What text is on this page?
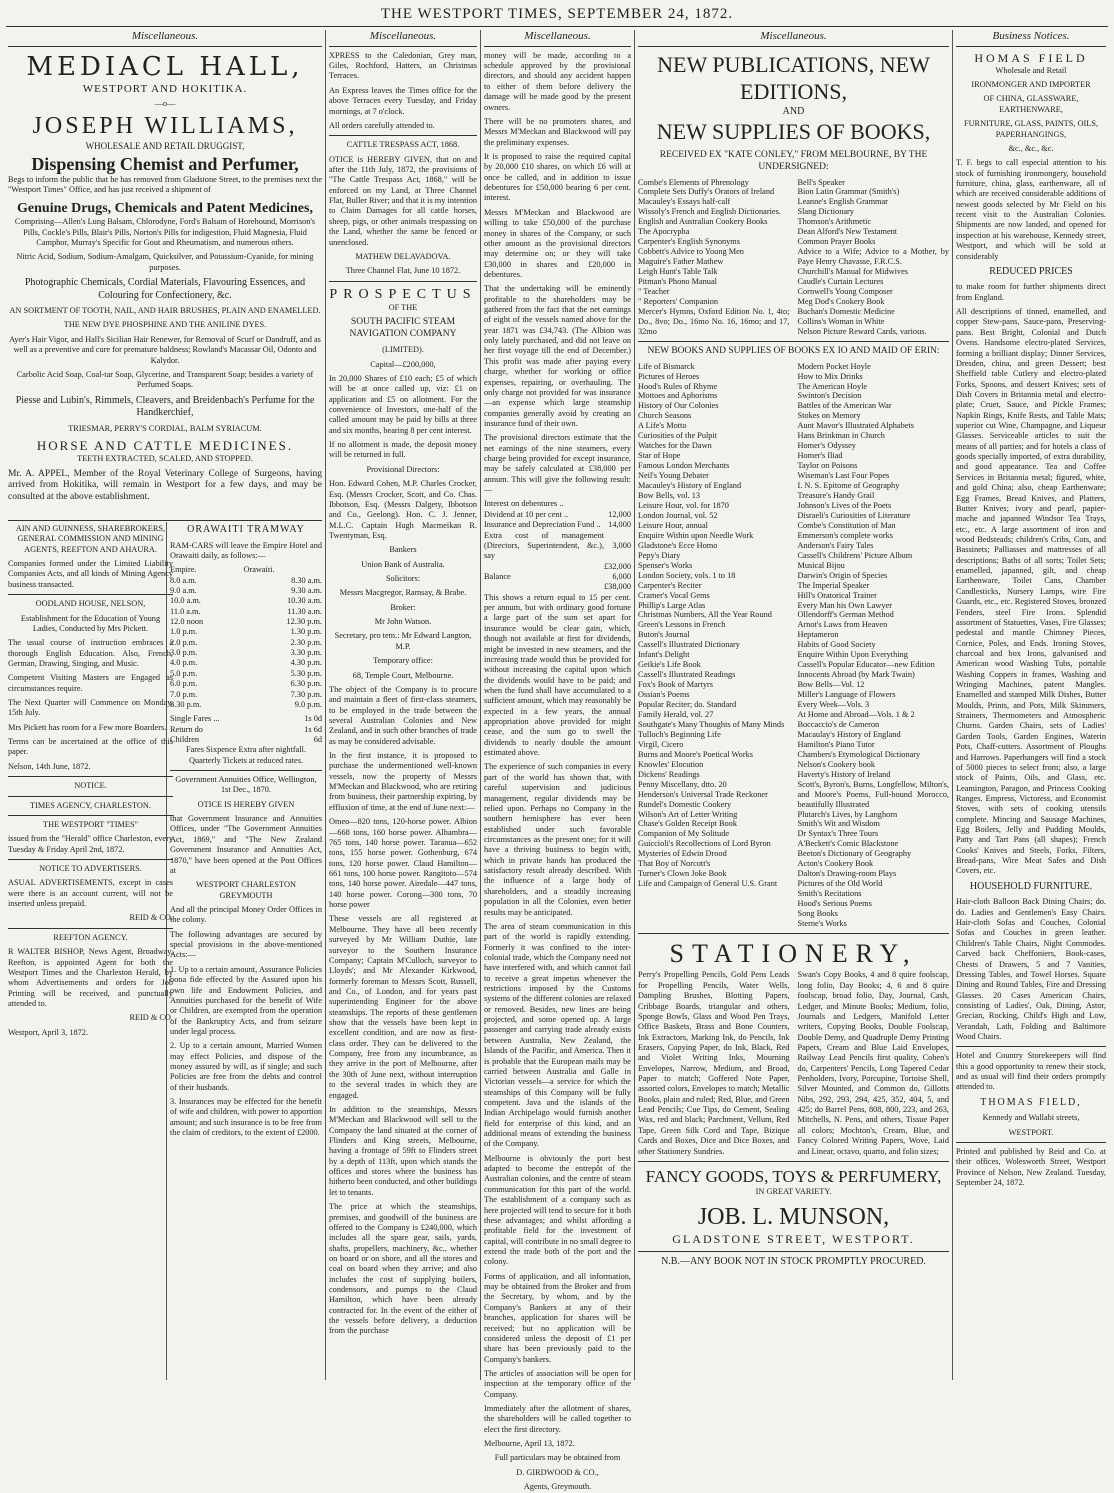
THE WESTPORT TIMES, SEPTEMBER 24, 1872.
Miscellaneous.
MEDIACL HALL,
WESTPORT AND HOKITIKA.
—o—
JOSEPH WILLIAMS,
WHOLESALE AND RETAIL DRUGGIST,
Dispensing Chemist and Perfumer,

Begs to inform the public that he has removed from Gladstone Street, to the premises next the "Westport Times" Office, and has just received a shipment of

Genuine Drugs, Chemicals and Patent Medicines,

Comprising—Allen's Lung Balsam, Chlorodyne, Ford's Balsam of Horehound, Morrison's Pills, Cockle's Pills, Blair's Pills, Norton's Pills for indigestion, Fluid Magnesia, Fluid Camphor, Murray's Specific for Gout and Rheumatism, and numerous others.

Nitric Acid, Sodium, Sodium-Amalgam, Quicksilver, and Potassium-Cyanide, for mining purposes.

Photographic Chemicals, Cordial Materials, Flavouring Essences, and Colouring for Confectionery, &c.

AN SORTMENT OF TOOTH, NAIL, AND HAIR BRUSHES, PLAIN AND ENAMELLED.

THE NEW DYE PHOSPHINE AND THE ANILINE DYES.

Ayer's Hair Vigor, and Hall's Sicilian Hair Renewer, for Removal of Scurf or Dandruff, and as well as a preventive and cure for premature baldness; Rowland's Macassar Oil, Odonto and Kalydor.

Carbolic Acid Soap, Coal-tar Soap, Glycerine, and Transparent Soap; besides a variety of Perfumed Soaps.

Piesse and Lubin's, Rimmels, Cleavers, and Breidenbach's Perfume for the Handkerchief,

TRIESMAR, PERRY'S CORDIAL, BALM SYRIACUM.

HORSE AND CATTLE MEDICINES.

TEETH EXTRACTED, SCALED, AND STOPPED.

Mr. A. APPEL, Member of the Royal Veterinary College of Surgeons, having arrived from Hokitika, will remain in Westport for a few days, and may be consulted at the above establishment.

AIN AND GUINNESS, SHAREBROKERS, GENERAL COMMISSION AND MINING AGENTS, REEFTON AND AHAURA.

Companies formed under the Limited Liability Companies Acts, and all kinds of Mining Agency business transacted.

OODLAND HOUSE, NELSON,

Establishment for the Education of Young Ladies, Conducted by Mrs Pickett.

The usual course of instruction embraces a thorough English Education. Also, French, German, Drawing, Singing, and Music.

Competent Visiting Masters are Engaged as circumstances require.

The Next Quarter will Commence on Monday, 15th July.

Mrs Pickett has room for a Few more Boarders.

Terms can be ascertained at the office of this paper.

Nelson, 14th June, 1872.

NOTICE.

TIMES AGENCY, CHARLESTON.

THE WESTPORT "TIMES"

issued from the "Herald" office Charleston, every Tuesday & Friday April 2nd, 1872.

NOTICE TO ADVERTISERS.

ASUAL ADVERTISEMENTS, except in cases were there is an account current, will not be inserted unless prepaid.

REID & CO.

REEFTON AGENCY.

R WALTER BISHOP, News Agent, Broadway, Reefton, is appointed Agent for both the Westport Times and the Charleston Herald, by whom Advertisements and orders for Job Printing will be received, and punctually attended to.

REID & CO.

Westport, April 3, 1872.

ORAWAITI TRAMWAY

RAM-CARS will leave the Empire Hotel and Orawaiti daily, as follows:—

Empire.	Orawaiti.
8.0 a.m.	8.30 a.m.
9.0 a.m.	9.30 a.m.
10.0 a.m.	10.30 a.m.
11.0 a.m.	11.30 a.m.
12.0 noon	12.30 p.m.
1.0 p.m.	1.30 p.m.
2.0 p.m.	2.30 p.m.
3.0 p.m.	3.30 p.m.
4.0 p.m.	4.30 p.m.
5.0 p.m.	5.30 p.m.
6.0 p.m.	6.30 p.m.
7.0 p.m.	7.30 p.m.
8.30 p.m.	9.0 p.m.
Single Fares ...	1s 0d
Return do	1s 6d
Children	6d

Fares Sixpence Extra after nightfall. Quarterly Tickets at reduced rates.

Government Annuities Office, Wellington, 1st Dec., 1870.

OTICE IS HEREBY GIVEN

that Government Insurance and Annuities Offices, under "The Government Annuities Act, 1869," and "The New Zealand Government Insurance and Annuities Act, 1870," have been opened at the Post Offices at

WESTPORT CHARLESTON GREYMOUTH

And all the principal Money Order Offices in the colony.

The following advantages are secured by special provisions in the above-mentioned Acts:—

1. Up to a certain amount, Assurance Policies bona fide effected by the Assured upon his own life and Endowment Policies, and Annuities purchased for the benefit of Wife or Children, are exempted from the operation of the Bankruptcy Acts, and from seizure under legal process.

2. Up to a certain amount, Married Women may effect Policies, and dispose of the money assured by will, as if single; and such Policies are free from the debts and control of their husbands.

3. Insurances may be effected for the benefit of wife and children, with power to apportion amount; and such insurance is to be free from the claim of creditors, to the extent of £2000.

Miscellaneous.

XPRESS to the Caledonian, Grey man, Giles, Rochford, Hatters, an Christmas Terraces.

An Express leaves the Times office for the above Terraces every Tuesday, and Friday mornings, at 7 o'clock.

All orders carefully attended to.

CATTLE TRESPASS ACT, 1868.

OTICE is HEREBY GIVEN, that on and after the 11th July, 1872, the provisions of "The Cattle Trespass Act, 1868," will be enforced on my Land, at Three Channel Flat, Buller River; and that it is my intention to Claim Damages for all cattle horses, sheep, pigs, or other animals trespassing on the Land, whether the same be fenced or unenclosed.

MATHEW DELAVADOVA.

Three Channel Flat, June 10 1872.

PROSPECTUS

OF THE

SOUTH PACIFIC STEAM NAVIGATION COMPANY

(LIMITED).

Capital—£200,000,

In 20,000 Shares of £10 each; £5 of which will be at once called up, viz: £1 on application and £5 on allotment. For the convenience of Investors, one-half of the called amount may be paid by bills at three and six months, bearing 8 per cent interest.

If no allotment is made, the deposit money will be returned in full.

Provisional Directors:

Hon. Edward Cohen, M.P. Charles Crocker, Esq. (Messrs Crocker, Scott, and Co. Chas. Ibbotson, Esq. (Messrs Dalgety, Ibbotson and Co., Geelong). Hon. C. J. Jenner, M.L.C. Captain Hugh Macmeikan R. Twentyman, Esq.

Bankers

Union Bank of Australia.

Solicitors:

Messrs Macgregor, Ramsay, & Brabe.

Broker:

Mr John Watson.

Secretary, pro tem.: Mr Edward Langton, M.P.

Temporary office:

68, Temple Court, Melbourne.

The object of the Company is to procure and maintain a fleet of first-class steamers, to be employed in the trade between the several Australian Colonies and New Zealand, and in such other branches of trade as may be considered advisable.

In the first instance, it is proposed to purchase the undermentioned well-known vessels, now the property of Messrs M'Meckan and Blackwood, who are retiring from business, their partnership expiring, by effluxion of time, at the end of June next:—

Omeo—820 tons, 120-horse power. Albion—668 tons, 160 horse power. Alhambra—765 tons, 140 horse power. Taranua—652 tons, 155 horse power. Gothenburg, 674 tons, 120 horse power. Claud Hamilton—661 tons, 100 horse power. Rangitoto—574 tons, 140 horse power. Airedale—447 tons, 140 horse power. Corong—300 tons, 70 horse power

These vessels are all registered at Melbourne. They have all been recently surveyed by Mr William Duthie, late surveyor to the Southern Insurance Company; Captain M'Culloch, surveyor to Lloyds'; and Mr Alexander Kirkwood, formerly foreman to Messrs Scott, Russell, and Co., of London, and for years past superintending Engineer for the above steamships. The reports of these gentlemen show that the vessels have been kept in excellent condition, and are now as first-class order. They can be delivered to the Company, free from any incumbrance, as they arrive in the port of Melbourne, after the 30th of June next, without interruption to the several trades in which they are engaged.

In addition to the steamships, Messrs M'Meckan and Blackwood will sell to the Company the land situated at the corner of Flinders and King streets, Melbourne, having a frontage of 59ft to Flinders street by a depth of 113ft, upon which stands the offices and stores where the business has hitherto been conducted, and other buildings let to tenants.

The price at which the steamships, premises, and goodwill of the business are offered to the Company is £240,000, which includes all the spare gear, sails, yards, shafts, propellers, machinery, &c., whether on board or on shore, and all the stores and coal on board when they arrive; and also includes the cost of supplying boilers, condensors, and pumps to the Claud Hamilton, which have been already contracted for. In the event of the either of the vessels before delivery, a deduction from the purchase

Miscellaneous.

money will be made, according to a schedule approved by the provisional directors, and should any accident happen to either of them before delivery the damage will be made good by the present owners.

There will be no promoters shares, and Messrs M'Meckan and Blackwood will pay the preliminary expenses.

It is proposed to raise the required capital by 20,000 £10 shares, on which £6 will at once be called, and in addition to issue debentures for £50,000 bearing 6 per cent. interest.

Messrs M'Meckan and Blackwood are willing to take £50,000 of the purchase money in shares of the Company, or such other amount as the provisional directors may determine on; or they will take £30,000 in shares and £20,000 in debentures.

That the undertaking will be eminently profitable to the shareholders may be gathered from the fact that the net earnings of eight of the vessels named above for the year 1871 was £34,743. (The Albion was only lately purchased, and did not leave on her first voyage till the end of December.) This profit was made after paying every charge, whether for working or office expenses, repairing, or overhauling. The only charge not provided for was insurance—an expense which large steamship companies generally avoid by creating an insurance fund of their own.

The provisional directors estimate that the net earnings of the nine steamers, every charge being provided for except insurance, may be safely calculated at £38,000 per annum. This will give the following result:—

Interest on debentures ..	
Dividend at 10 per cent ..	12,000
Insurance and Depreciation Fund ..	14,000
Extra cost of management (Directors, Superintendent, &c.), say	3,000
	£32,000
Balance	6,000
	£38,000

This shows a return equal to 15 per cent. per annum, but with ordinary good fortune a large part of the sum set apart for insurance would be clear gain, which, though not available at first for dividends, might be invested in new steamers, and the increasing trade would thus be provided for without increasing the capital upon which the dividends would have to be paid; and when the fund shall have accumulated to a sufficient amount, which may reasonably be expected in a few years, the annual appropriation above provided for might cease, and the sum go to swell the dividends to nearly double the amount estimated above.

The experience of such companies in every part of the world has shown that, with careful supervision and judicious management, regular dividends may be relied upon. Perhaps no Company in the southern hemisphere has ever been established under such favorable circumstances as the present one; for it will have a thriving business to begin with, which in private hands has produced the satisfactory result already described. With the influence of a large body of shareholders, and a steadily increasing population in all the Colonies, even better results may be anticipated.

The area of steam communication in this part of the world is rapidly extending. Formerly it was confined to the inter-colonial trade, which the Company need not have interfered with, and which cannot fail to receive a great impetus whenever the restrictions imposed by the Customs systems of the different colonies are relaxed or removed. Besides, new lines are being projected, and some opened up. A large passenger and carrying trade already exists between Australia, New Zealand, the Islands of the Pacific, and America. Then it is probable that the European mails may be carried between Australia and Galle in Victorian vessels—a service for which the steamships of this Company will be fully competent. Java and the islands of the Indian Archipelago would furnish another field for enterprise of this kind, and an additional means of extending the business of the Company.

Melbourne is obviously the port best adapted to become the entrepôt of the Australian colonies, and the centre of steam communication for this part of the world. The establishment of a company such as here projected will tend to secure for it both these advantages; and whilst affording a profitable field for the investment of capital, will contribute in no small degree to extend the trade both of the port and the colony.

Forms of application, and all information, may be obtained from the Broker and from the Secretary, by whom, and by the Company's Bankers at any of their branches, application for shares will be received; but no application will be considered unless the deposit of £1 per share has been previously paid to the Company's bankers.

The articles of association will be open for inspection at the temporary office of the Company.

Immediately after the allotment of shares, the shareholders will be called together to elect the first directory.

Melbourne, April 13, 1872.

Full particulars may be obtained from

D. GIRDWOOD & CO.,

Agents, Greymouth.

Miscellaneous.
NEW PUBLICATIONS, NEW EDITIONS,
AND
NEW SUPPLIES OF BOOKS,

RECEIVED EX "KATE CONLEY," FROM MELBOURNE, BY THE UNDERSIGNED:

Combe's Elements of Phrenology
Complete Sets Duffy's Orators of Ireland
Macauley's Essays half-calf
Wissoly's French and English Dictionaries.
English and Australian Cookery Books
The Apocrypha
Carpenter's English Synonyms
Cobbett's Advice to Young Men
Maguire's Father Mathew
Leigh Hunt's Table Talk
Pitman's Phono Manual
" Teacher
" Reporters' Companion
Mercer's Hymns, Oxford Edition No. 1, 4to; Do., 8vo; Do., 16mo No. 16, 16mo; and 17, 32mo
Bell's Speaker
Bion Latin Grammar (Smith's)
Leanne's English Grammar
Slang Dictionary
Thomson's Arithmetic
Dean Alford's New Testament
Common Prayer Books
Advice to a Wife; Advice to a Mother, by Paye Henry Chavasse, F.R.C.S.
Churchill's Manual for Midwives
Caudle's Curtain Lectures
Cornwell's Young Composer
Meg Dod's Cookery Book
Buchan's Domestic Medicine
Collins's Woman in White
Nelson Picture Reward Cards, various.

NEW BOOKS AND SUPPLIES OF BOOKS EX IO AND MAID OF ERIN:

Life of Bismarck
Pictures of Heroes
Hood's Rules of Rhyme
Mottoes and Aphorisms
History of Our Colonies
Church Seasons
A Life's Motto
Curiosities of the Pulpit
Watches for the Dawn
Star of Hope
Famous London Merchants
Neil's Young Debater
Macauley's History of England
Bow Bells, vol. 13
Leisure Hour, vol. for 1870
London Journal, vol. 52
Leisure Hour, annual
Enquire Within upon Needle Work
Gladstone's Ecce Homo
Pepy's Diary
Spenser's Works
London Society, vols. 1 to 18
Carpenter's Reciter
Cramer's Vocal Gems
Phillip's Large Atlas
Christmas Numbers, All the Year Round
Green's Lessons in French
Buton's Journal
Cassell's Illustrated Dictionary
Infant's Delight
Geikie's Life Book
Cassell's Illustrated Readings
Fox's Book of Martyrs
Ossian's Poems
Popular Reciter; do. Standard
Family Herald, vol. 27
Southgate's Many Thoughts of Many Minds
Tulloch's Beginning Life
Virgil, Cicero
Burns and Moore's Poetical Works
Knowles' Elocution
Dickens' Readings
Penny Miscellany, dtto. 20
Henderson's Universal Trade Reckoner
Rundel's Domestic Cookery
Wilson's Art of Letter Writing
Chase's Golden Receipt Book
Companion of My Solitude
Guiccioli's Recollections of Lord Byron
Mysteries of Edwin Drood
That Boy of Norcott's
Turner's Clown Joke Book
Life and Campaign of General U.S. Grant
Modern Pocket Hoyle
How to Mix Drinks
The American Hoyle
Swinton's Decision
Battles of the American War
Stokes on Memory
Aunt Mavor's Illustrated Alphabets
Hans Brinkman in Church
Homer's Odyssey
Homer's Iliad
Taylor on Poisons
Wiseman's Last Four Popes
I. N. S. Epitome of Geography
Treasure's Handy Grail
Johnson's Lives of the Poets
Disraeli's Curiosities of Literature
Combe's Constitution of Man
Emmerson's complete works
Anderson's Fairy Tales
Cassell's Childrens' Picture Album
Musical Bijou
Darwin's Origin of Species
The Imperial Speaker
Hill's Oratorical Trainer
Every Man his Own Lawyer
Ollendorff's German Method
Arnot's Laws from Heaven
Heptameron
Habits of Good Society
Enquire Within Upon Everything
Cassell's Popular Educator—new Edition
Innocents Abroad (by Mark Twain)
Bow Bells—Vol. 12
Miller's Language of Flowers
Every Week—Vols. 3
At Home and Abroad—Vols. 1 & 2
Boccaccio's de Cameron
Macaulay's History of England
Hamilton's Piano Tutor
Chambers's Etymological Dictionary
Nelson's Cookery book
Haverty's History of Ireland
Scott's, Byron's, Burns, Longfellow, Milton's, and Moore's Poems, Full-bound Morocco, beautifully Illustrated
Plutarch's Lives, by Langhorn
Smith's Wit and Wisdom
Dr Syntax's Three Tours
A'Beckett's Comic Blackstone
Beeton's Dictionary of Geography
Acton's Cookery Book
Dalton's Drawing-room Plays
Pictures of the Old World
Smith's Recitations
Hood's Serious Poems
Song Books
Sterne's Works
STATIONERY,
Perry's Propelling Pencils, Gold Pens Leads for Propelling Pencils, Water Wells, Dampling Brushes, Blotting Papers, Cribbage Boards, triangular and others, Sponge Bowls, Glass and Wood Pen Trays, Office Baskets, Brass and Bone Counters, Ink Extractors, Marking Ink, do Pencils, Ink Erasers, Copying Paper, do Ink, Black, Red and Violet Writing Inks, Mourning Envelopes, Narrow, Medium, and Broad, Paper to match; Goffered Note Paper, assorted colors, Envelopes to match; Metallic Books, plain and ruled; Red, Blue, and Green Lead Pencils; Cue Tips, do Cement, Sealing Wax, red and black; Parchment, Vellum, Red Tape, Green Silk Cord and Tape, Bizique Cards and Boxes, Dice and Dice Boxes, and other Stationery Sundries.
Swan's Copy Books, 4 and 8 quire foolscap, long folio, Day Books; 4, 6 and 8 quire foolscap, broad folio, Day, Journal, Cash, Ledger, and Minute Books; Medium, folio, Journals and Ledgers, Manifold Letter writers, Copying Books, Double Foolscap, Double Demy, and Quadruple Demy Printing Papers, Cream and Blue Laid Envelopes, Railway Lead Pencils first quality, Cohen's do, Carpenters' Pencils, Long Tapered Cedar Penholders, Ivory, Porcupine, Tortoise Shell, Silver Mounted, and Common do, Gillotts Nibs, 292, 293, 294, 425, 352, 404, 5, and 425; do Barrel Pens, 808, 800, 223, and 263, Mitchells, N. Pens, and others, Tissue Paper all colors; Mochton's, Cream, Blue, and Fancy Colored Writing Papers, Wove, Laid and Linear, octavo, quarto, and folio sizes;
FANCY GOODS, TOYS & PERFUMERY,

IN GREAT VARIETY.

JOB. L. MUNSON,
GLADSTONE STREET, WESTPORT.

N.B.—ANY BOOK NOT IN STOCK PROMPTLY PROCURED.

Business Notices.
HOMAS FIELD

Wholesale and Retail

IRONMONGER AND IMPORTER

OF CHINA, GLASSWARE, EARTHENWARE,

FURNITURE, GLASS, PAINTS, OILS, PAPERHANGINGS,

&c., &c., &c.

T. F. begs to call especial attention to his stock of furnishing ironmongery, household furniture, china, glass, earthenware, all of which are received considerable additions of newest goods selected by Mr Field on his recent visit to the Australian Colonies. Shipments are now landed, and opened for inspection at his warehouse, Kennedy street, Westport, and which will be sold at considerably

REDUCED PRICES

to make room for further shipments direct from England.

All descriptions of tinned, enamelled, and copper Stew-pans, Sauce-pans, Preserving-pans. Best Bright, Colonial and Dutch Ovens. Handsome electro-plated Services, forming a brilliant display; Dinner Services, Dresden, china, and green Dessert; best Sheffield table Cutlery and electro-plated Forks, Spoons, and dessert Knives; sets of Dish Covers in Britannia metal and electro-plate; Cruet, Sauce, and Pickle Frames; Napkin Rings, Knife Rests, and Table Mats; superior cut Wine, Champagne, and Liqueur Glasses. Serviceable articles to suit the means of all parties; and for hotels a class of goods specially imported, of extra durability, and good appearance. Tea and Coffee Services in Britannia metal; figured, white, and gold China; also, cheap Earthenware; Egg Frames, Bread Knives, and Platters, Butter Knives; ivory and pearl, papier-mache and japanned Windsor Tea Trays, etc., etc. A large assortment of iron and wood Bedsteads; children's Cribs, Cots, and Bassinets; Palliasses and mattresses of all descriptions; Baths of all sorts; Toilet Sets; enamelled, japanned, gilt, and cheap Earthenware, Toilet Cans, Chamber Candlesticks, Nursery Lamps, wire Fire Guards, etc., etc. Registered Stoves, bronzed Fenders, steel Fire Irons. Splendid assortment of Statuettes, Vases, Fire Glasses; pedestal and mantle Chimney Pieces, Cornice, Poles, and Ends. Ironing Stoves, charcoal and box Irons, galvanised and American wood Washing Tubs, portable Washing Coppers in frames, Washing and Wringing Machines, patent Mangles. Enamelled and stamped Milk Dishes, Butter Moulds, Prints, and Pots, Milk Skimmers, Strainers, Thermometers and Atmospheric Churns. Garden Chairs, sets of Ladies' Garden Tools, Garden Engines, Waterin Pots, Chaff-cutters. Assortment of Ploughs and Harrows. Paperhangers will find a stock of 5000 pieces to select from; also, a large stock of Paints, Oils, and Glass, etc. Leamington, Paragon, and Princess Cooking Ranges. Empress, Victoress, and Economist Stoves, with sets of cooking utensils complete. Mincing and Sausage Machines, Egg Boilers, Jelly and Pudding Moulds, Patty and Tart Pans (all shapes); French Cooks' Knives and Steels, Forks, Filters, Bread-pans, Wire Meat Safes and Dish Covers, etc.

HOUSEHOLD FURNITURE.

Hair-cloth Balloon Back Dining Chairs; do. do. Ladies and Gentlemen's Easy Chairs. Hair-cloth Sofas and Couches, Colonial Sofas and Couches in green leather. Children's Table Chairs, Night Commodes. Carved back Cheffoniers, Book-cases, Chests of Drawers, 5 and 7 Vanities, Dressing Tables, and Towel Horses. Square Dining and Round Tables, Fire and Dressing Glasses. 20 Cases American Chairs, consisting of Ladies', Oak, Dining, Astor, Grecian, Rocking, Child's High and Low, Verandah, Lath, Folding and Baltimore Wood Chairs.

Hotel and Country Storekeepers will find this a good opportunity to renew their stock, and as usual will find their orders promptly attended to.

THOMAS FIELD,

Kennedy and Wallabi streets,

WESTPORT.

Printed and published by Reid and Co. at their offices, Wolesworth Street, Westport Province of Nelson, New Zealand. Tuesday, September 24, 1872.
